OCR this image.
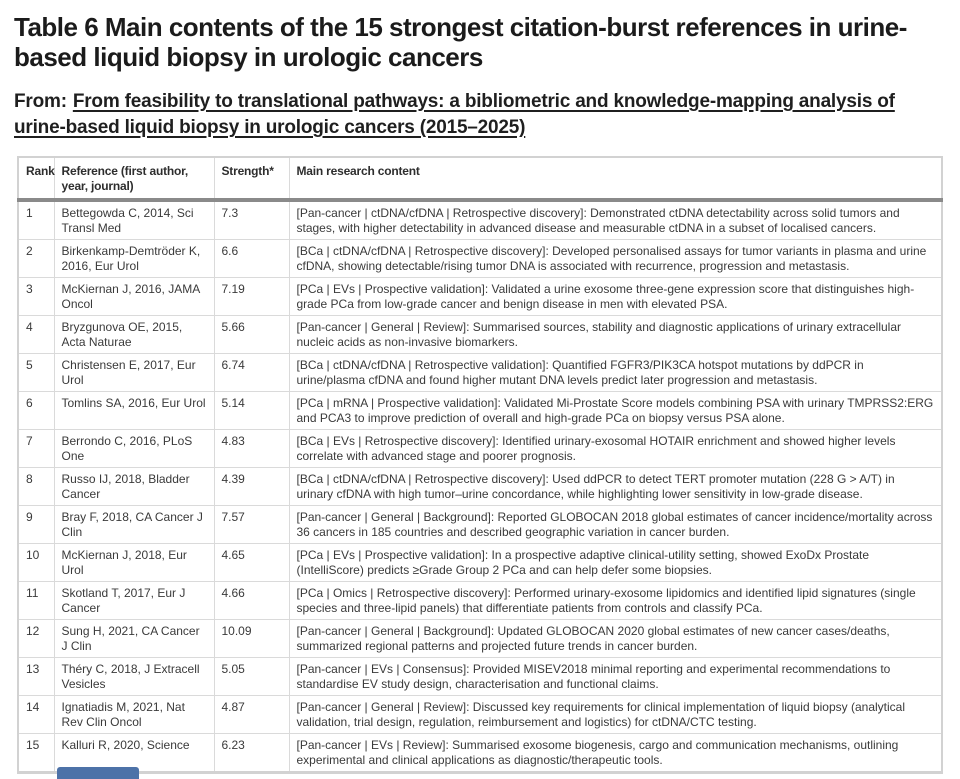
Table 6 Main contents of the 15 strongest citation-burst references in urine-based liquid biopsy in urologic cancers

From: From feasibility to translational pathways: a bibliometric and knowledge-mapping analysis of urine-based liquid biopsy in urologic cancers (2015–2025)

Rank	Reference (first author, year, journal)	Strength*	Main research content
1	Bettegowda C, 2014, Sci Transl Med	7.3	[Pan-cancer | ctDNA/cfDNA | Retrospective discovery]: Demonstrated ctDNA detectability across solid tumors and stages, with higher detectability in advanced disease and measurable ctDNA in a subset of localised cancers.
2	Birkenkamp-Demtröder K, 2016, Eur Urol	6.6	[BCa | ctDNA/cfDNA | Retrospective discovery]: Developed personalised assays for tumor variants in plasma and urine cfDNA, showing detectable/rising tumor DNA is associated with recurrence, progression and metastasis.
3	McKiernan J, 2016, JAMA Oncol	7.19	[PCa | EVs | Prospective validation]: Validated a urine exosome three-gene expression score that distinguishes high-grade PCa from low-grade cancer and benign disease in men with elevated PSA.
4	Bryzgunova OE, 2015, Acta Naturae	5.66	[Pan-cancer | General | Review]: Summarised sources, stability and diagnostic applications of urinary extracellular nucleic acids as non-invasive biomarkers.
5	Christensen E, 2017, Eur Urol	6.74	[BCa | ctDNA/cfDNA | Retrospective validation]: Quantified FGFR3/PIK3CA hotspot mutations by ddPCR in urine/plasma cfDNA and found higher mutant DNA levels predict later progression and metastasis.
6	Tomlins SA, 2016, Eur Urol	5.14	[PCa | mRNA | Prospective validation]: Validated Mi-Prostate Score models combining PSA with urinary TMPRSS2:ERG and PCA3 to improve prediction of overall and high-grade PCa on biopsy versus PSA alone.
7	Berrondo C, 2016, PLoS One	4.83	[BCa | EVs | Retrospective discovery]: Identified urinary-exosomal HOTAIR enrichment and showed higher levels correlate with advanced stage and poorer prognosis.
8	Russo IJ, 2018, Bladder Cancer	4.39	[BCa | ctDNA/cfDNA | Retrospective discovery]: Used ddPCR to detect TERT promoter mutation (228 G > A/T) in urinary cfDNA with high tumor–urine concordance, while highlighting lower sensitivity in low-grade disease.
9	Bray F, 2018, CA Cancer J Clin	7.57	[Pan-cancer | General | Background]: Reported GLOBOCAN 2018 global estimates of cancer incidence/mortality across 36 cancers in 185 countries and described geographic variation in cancer burden.
10	McKiernan J, 2018, Eur Urol	4.65	[PCa | EVs | Prospective validation]: In a prospective adaptive clinical-utility setting, showed ExoDx Prostate (IntelliScore) predicts ≥Grade Group 2 PCa and can help defer some biopsies.
11	Skotland T, 2017, Eur J Cancer	4.66	[PCa | Omics | Retrospective discovery]: Performed urinary-exosome lipidomics and identified lipid signatures (single species and three-lipid panels) that differentiate patients from controls and classify PCa.
12	Sung H, 2021, CA Cancer J Clin	10.09	[Pan-cancer | General | Background]: Updated GLOBOCAN 2020 global estimates of new cancer cases/deaths, summarized regional patterns and projected future trends in cancer burden.
13	Théry C, 2018, J Extracell Vesicles	5.05	[Pan-cancer | EVs | Consensus]: Provided MISEV2018 minimal reporting and experimental recommendations to standardise EV study design, characterisation and functional claims.
14	Ignatiadis M, 2021, Nat Rev Clin Oncol	4.87	[Pan-cancer | General | Review]: Discussed key requirements for clinical implementation of liquid biopsy (analytical validation, trial design, regulation, reimbursement and logistics) for ctDNA/CTC testing.
15	Kalluri R, 2020, Science	6.23	[Pan-cancer | EVs | Review]: Summarised exosome biogenesis, cargo and communication mechanisms, outlining experimental and clinical applications as diagnostic/therapeutic tools.
